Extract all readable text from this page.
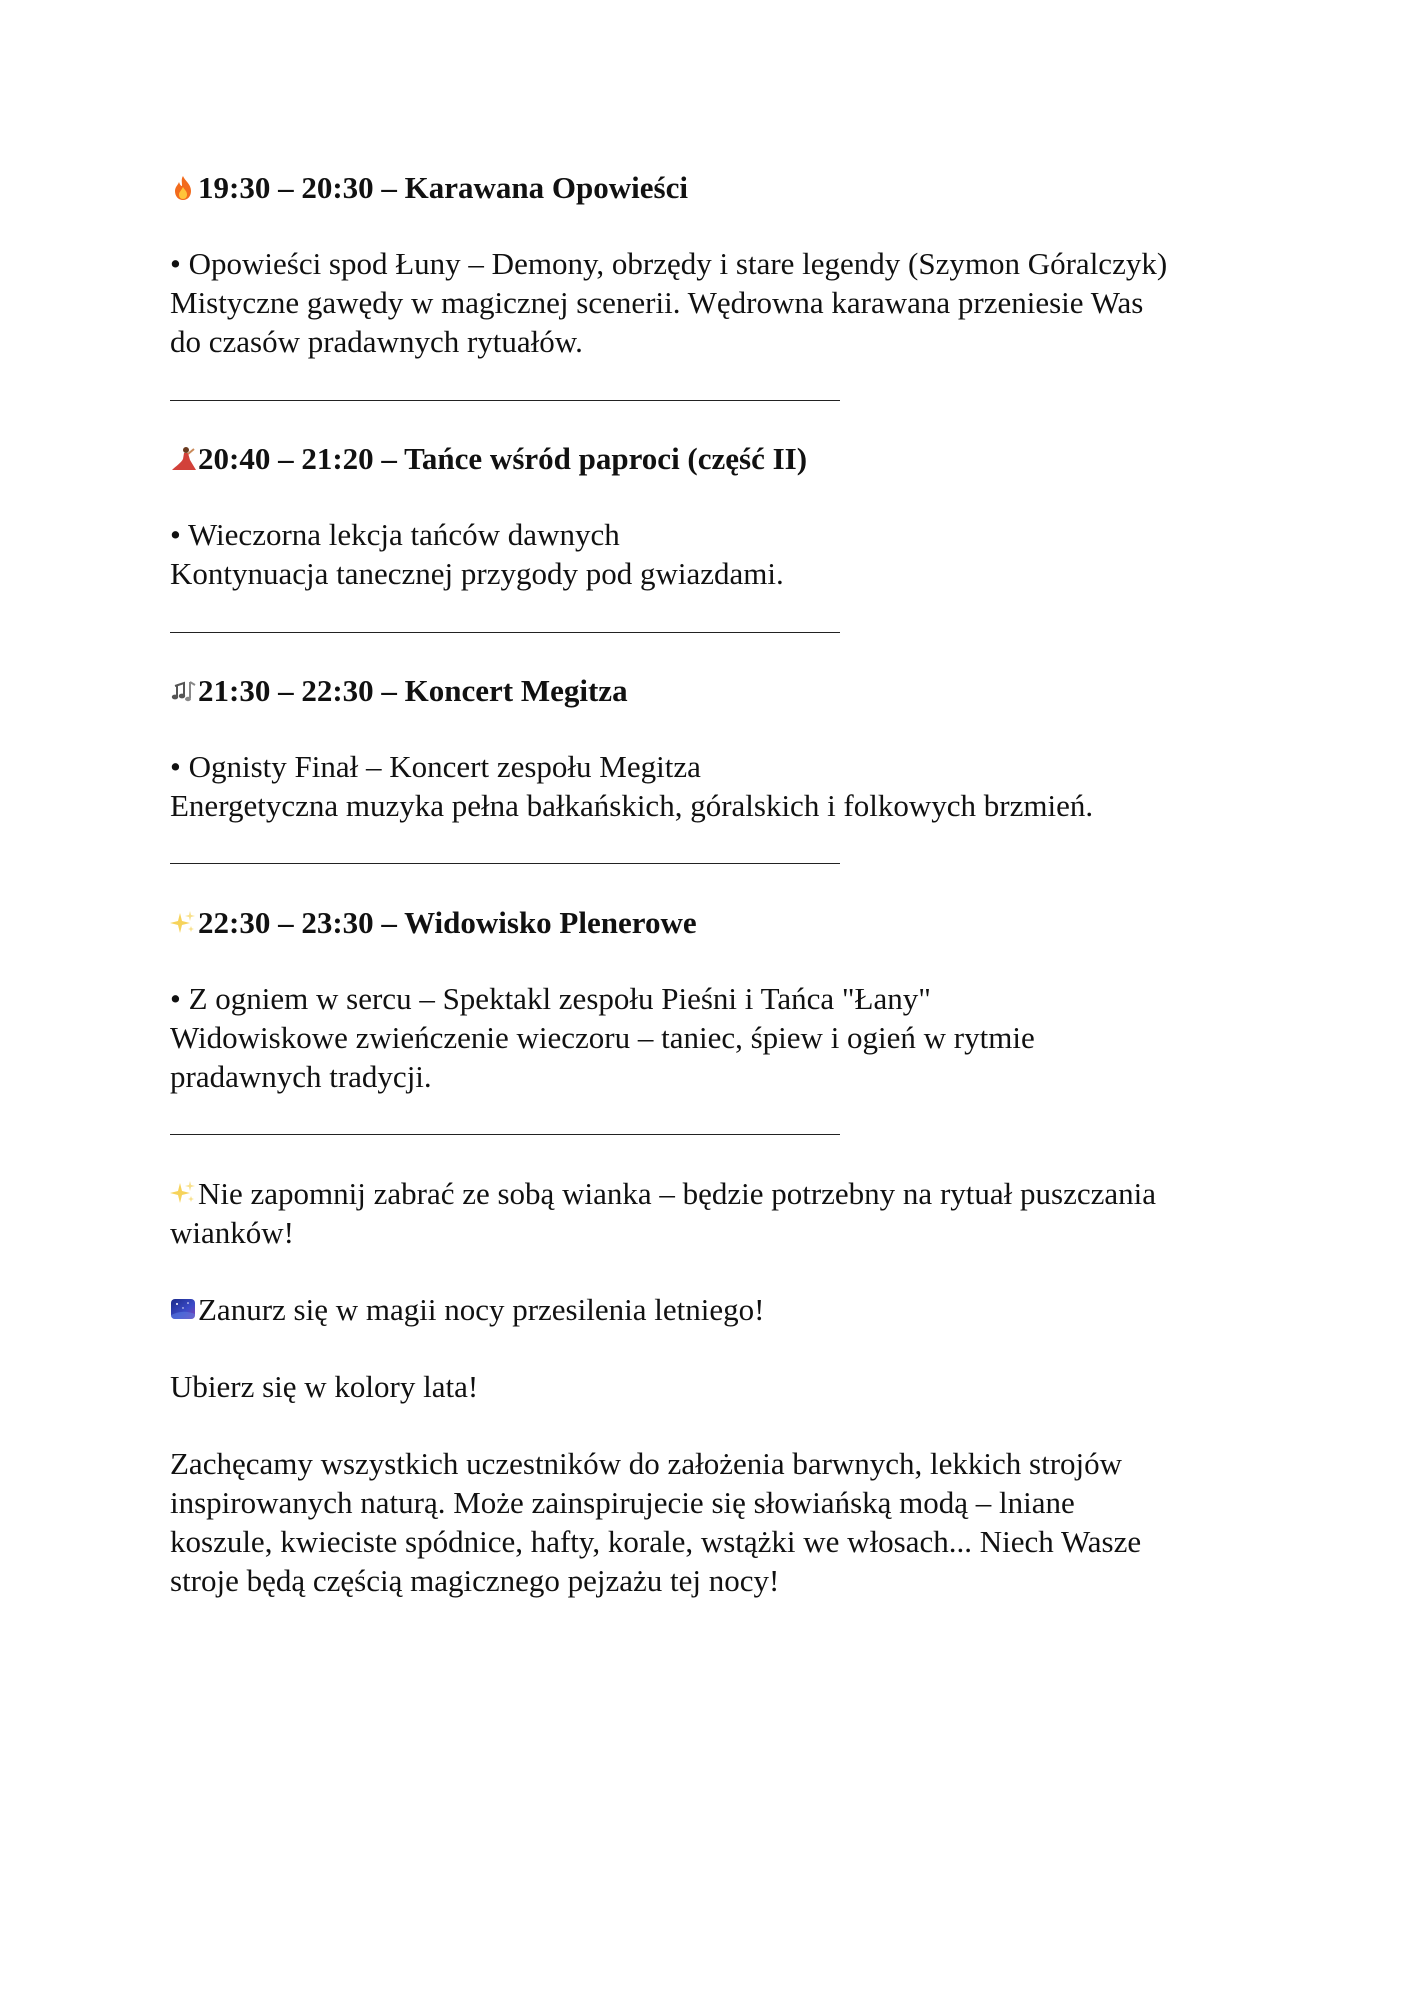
19:30 – 20:30 – Karawana Opowieści
• Opowieści spod Łuny – Demony, obrzędy i stare legendy (Szymon Góralczyk)
Mistyczne gawędy w magicznej scenerii. Wędrowna karawana przeniesie Was
do czasów pradawnych rytuałów.
20:40 – 21:20 – Tańce wśród paproci (część II)
• Wieczorna lekcja tańców dawnych
Kontynuacja tanecznej przygody pod gwiazdami.
21:30 – 22:30 – Koncert Megitza
• Ognisty Finał – Koncert zespołu Megitza
Energetyczna muzyka pełna bałkańskich, góralskich i folkowych brzmień.
22:30 – 23:30 – Widowisko Plenerowe
• Z ogniem w sercu – Spektakl zespołu Pieśni i Tańca "Łany"
Widowiskowe zwieńczenie wieczoru – taniec, śpiew i ogień w rytmie
pradawnych tradycji.
Nie zapomnij zabrać ze sobą wianka – będzie potrzebny na rytuał puszczania
wianków!
Zanurz się w magii nocy przesilenia letniego!
Ubierz się w kolory lata!
Zachęcamy wszystkich uczestników do założenia barwnych, lekkich strojów
inspirowanych naturą. Może zainspirujecie się słowiańską modą – lniane
koszule, kwieciste spódnice, hafty, korale, wstążki we włosach... Niech Wasze
stroje będą częścią magicznego pejzażu tej nocy!
